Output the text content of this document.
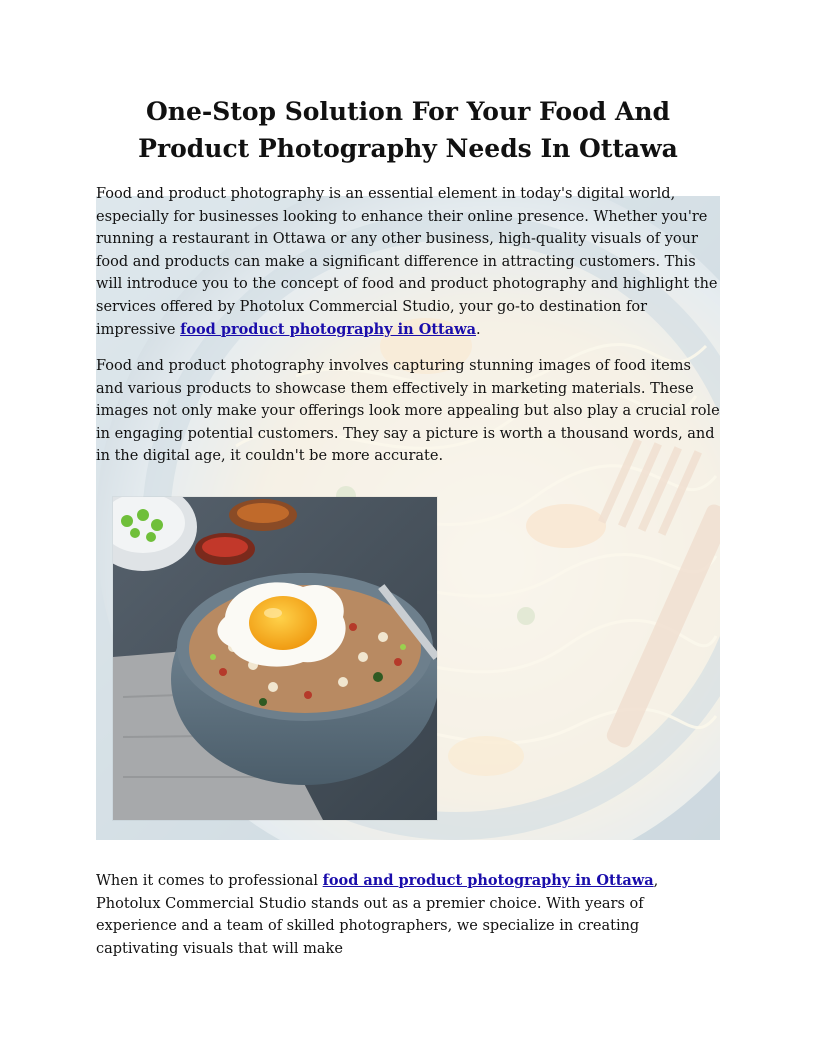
One-Stop Solution For Your Food And Product Photography Needs In Ottawa

Food and product photography is an essential element in today's digital world, especially for businesses looking to enhance their online presence. Whether you're running a restaurant in Ottawa or any other business, high-quality visuals of your food and products can make a significant difference in attracting customers. This will introduce you to the concept of food and product photography and highlight the services offered by Photolux Commercial Studio, your go-to destination for impressive food product photography in Ottawa.

Food and product photography involves capturing stunning images of food items and various products to showcase them effectively in marketing materials. These images not only make your offerings look more appealing but also play a crucial role in engaging potential customers. They say a picture is worth a thousand words, and in the digital age, it couldn't be more accurate.

When it comes to professional food and product photography in Ottawa, Photolux Commercial Studio stands out as a premier choice. With years of experience and a team of skilled photographers, we specialize in creating captivating visuals that will make
